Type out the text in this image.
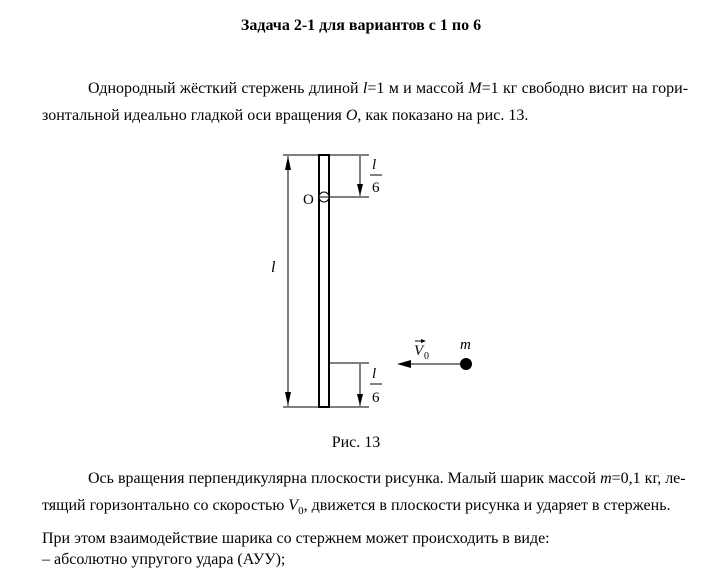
Задача 2-1 для вариантов с 1 по 6
Однородный жёсткий стержень длиной l=1 м и массой M=1 кг свободно висит на горизонтальной идеально гладкой оси вращения O, как показано на рис. 13.
O
l
l
6
l
6
V 0
m
Рис. 13
Ось вращения перпендикулярна плоскости рисунка. Малый шарик массой m=0,1 кг, ле-
тящий горизонтально со скоростью $V_0$, движется в плоскости рисунка и ударяет в стержень.
При этом взаимодействие шарика со стержнем может происходить в виде:
– абсолютно упругого удара (АУУ);
